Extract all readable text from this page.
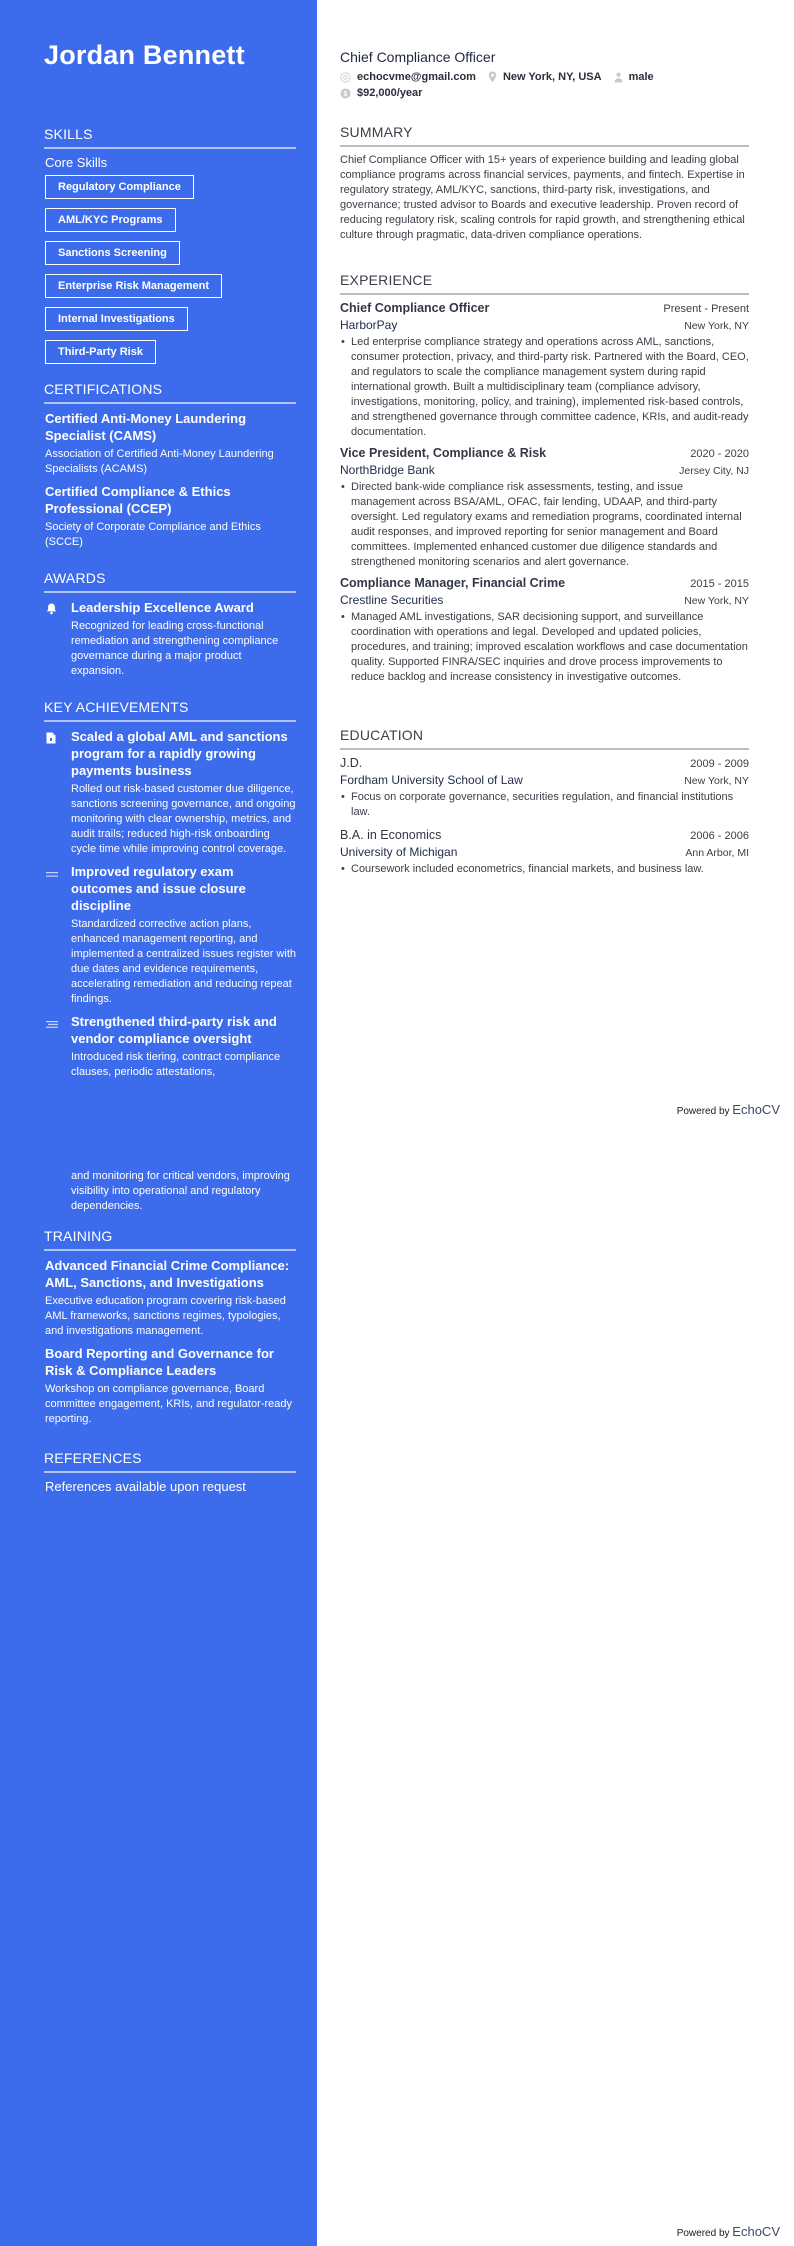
Jordan Bennett
SKILLS
Core Skills
Regulatory Compliance
AML/KYC Programs
Sanctions Screening
Enterprise Risk Management
Internal Investigations
Third-Party Risk
CERTIFICATIONS
Certified Anti-Money Laundering Specialist (CAMS)
Association of Certified Anti-Money Laundering Specialists (ACAMS)
Certified Compliance & Ethics Professional (CCEP)
Society of Corporate Compliance and Ethics (SCCE)
AWARDS
Leadership Excellence Award
Recognized for leading cross-functional remediation and strengthening compliance governance during a major product expansion.
KEY ACHIEVEMENTS
Scaled a global AML and sanctions program for a rapidly growing payments business
Rolled out risk-based customer due diligence, sanctions screening governance, and ongoing monitoring with clear ownership, metrics, and audit trails; reduced high-risk onboarding cycle time while improving control coverage.
Improved regulatory exam outcomes and issue closure discipline
Standardized corrective action plans, enhanced management reporting, and implemented a centralized issues register with due dates and evidence requirements, accelerating remediation and reducing repeat findings.
Strengthened third-party risk and vendor compliance oversight
Introduced risk tiering, contract compliance clauses, periodic attestations,
and monitoring for critical vendors, improving visibility into operational and regulatory dependencies.
TRAINING
Advanced Financial Crime Compliance: AML, Sanctions, and Investigations
Executive education program covering risk-based AML frameworks, sanctions regimes, typologies, and investigations management.
Board Reporting and Governance for Risk & Compliance Leaders
Workshop on compliance governance, Board committee engagement, KRIs, and regulator-ready reporting.
REFERENCES
References available upon request
Chief Compliance Officer
echocvme@gmail.com New York, NY, USA male
$ $92,000/year
SUMMARY
Chief Compliance Officer with 15+ years of experience building and leading global compliance programs across financial services, payments, and fintech. Expertise in regulatory strategy, AML/KYC, sanctions, third-party risk, investigations, and governance; trusted advisor to Boards and executive leadership. Proven record of reducing regulatory risk, scaling controls for rapid growth, and strengthening ethical culture through pragmatic, data-driven compliance operations.
EXPERIENCE
Chief Compliance Officer	Present - Present
HarborPay	New York, NY
• Led enterprise compliance strategy and operations across AML, sanctions, consumer protection, privacy, and third-party risk. Partnered with the Board, CEO, and regulators to scale the compliance management system during rapid international growth. Built a multidisciplinary team (compliance advisory, investigations, monitoring, policy, and training), implemented risk-based controls, and strengthened governance through committee cadence, KRIs, and audit-ready documentation.
Vice President, Compliance & Risk	2020 - 2020
NorthBridge Bank	Jersey City, NJ
• Directed bank-wide compliance risk assessments, testing, and issue management across BSA/AML, OFAC, fair lending, UDAAP, and third-party oversight. Led regulatory exams and remediation programs, coordinated internal audit responses, and improved reporting for senior management and Board committees. Implemented enhanced customer due diligence standards and strengthened monitoring scenarios and alert governance.
Compliance Manager, Financial Crime	2015 - 2015
Crestline Securities	New York, NY
• Managed AML investigations, SAR decisioning support, and surveillance coordination with operations and legal. Developed and updated policies, procedures, and training; improved escalation workflows and case documentation quality. Supported FINRA/SEC inquiries and drove process improvements to reduce backlog and increase consistency in investigative outcomes.
EDUCATION
J.D.	2009 - 2009
Fordham University School of Law	New York, NY
• Focus on corporate governance, securities regulation, and financial institutions law.
B.A. in Economics	2006 - 2006
University of Michigan	Ann Arbor, MI
• Coursework included econometrics, financial markets, and business law.
Powered by EchoCV
Powered by EchoCV
